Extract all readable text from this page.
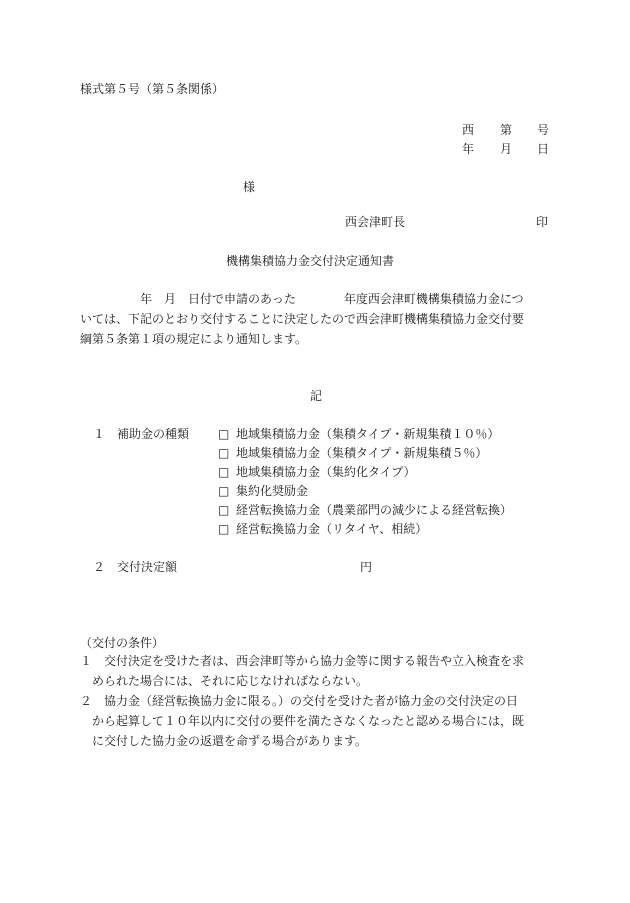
様式第５号（第５条関係）
西 第 号
年 月 日
様
西会津町長	印
機構集積協力金交付決定通知書
　　　　　年　月　日付で申請のあった　　　　年度西会津町機構集積協力金につ
いては、下記のとおり交付することに決定したので西会津町機構集積協力金交付要
綱第５条第１項の規定により通知します。
記
１　補助金の種類 □ 地域集積協力金（集積タイプ・新規集積１０％）
□ 地域集積協力金（集積タイプ・新規集積５％）
□ 地域集積協力金（集約化タイプ）
□ 集約化奨励金
□ 経営転換協力金（農業部門の減少による経営転換）
□ 経営転換協力金（リタイヤ、相続）
２　交付決定額	円
（交付の条件）
１　交付決定を受けた者は、西会津町等から協力金等に関する報告や立入検査を求
　められた場合には、それに応じなければならない。
２　協力金（経営転換協力金に限る。）の交付を受けた者が協力金の交付決定の日
　から起算して１０年以内に交付の要件を満たさなくなったと認める場合には，既
　に交付した協力金の返還を命ずる場合があります。
